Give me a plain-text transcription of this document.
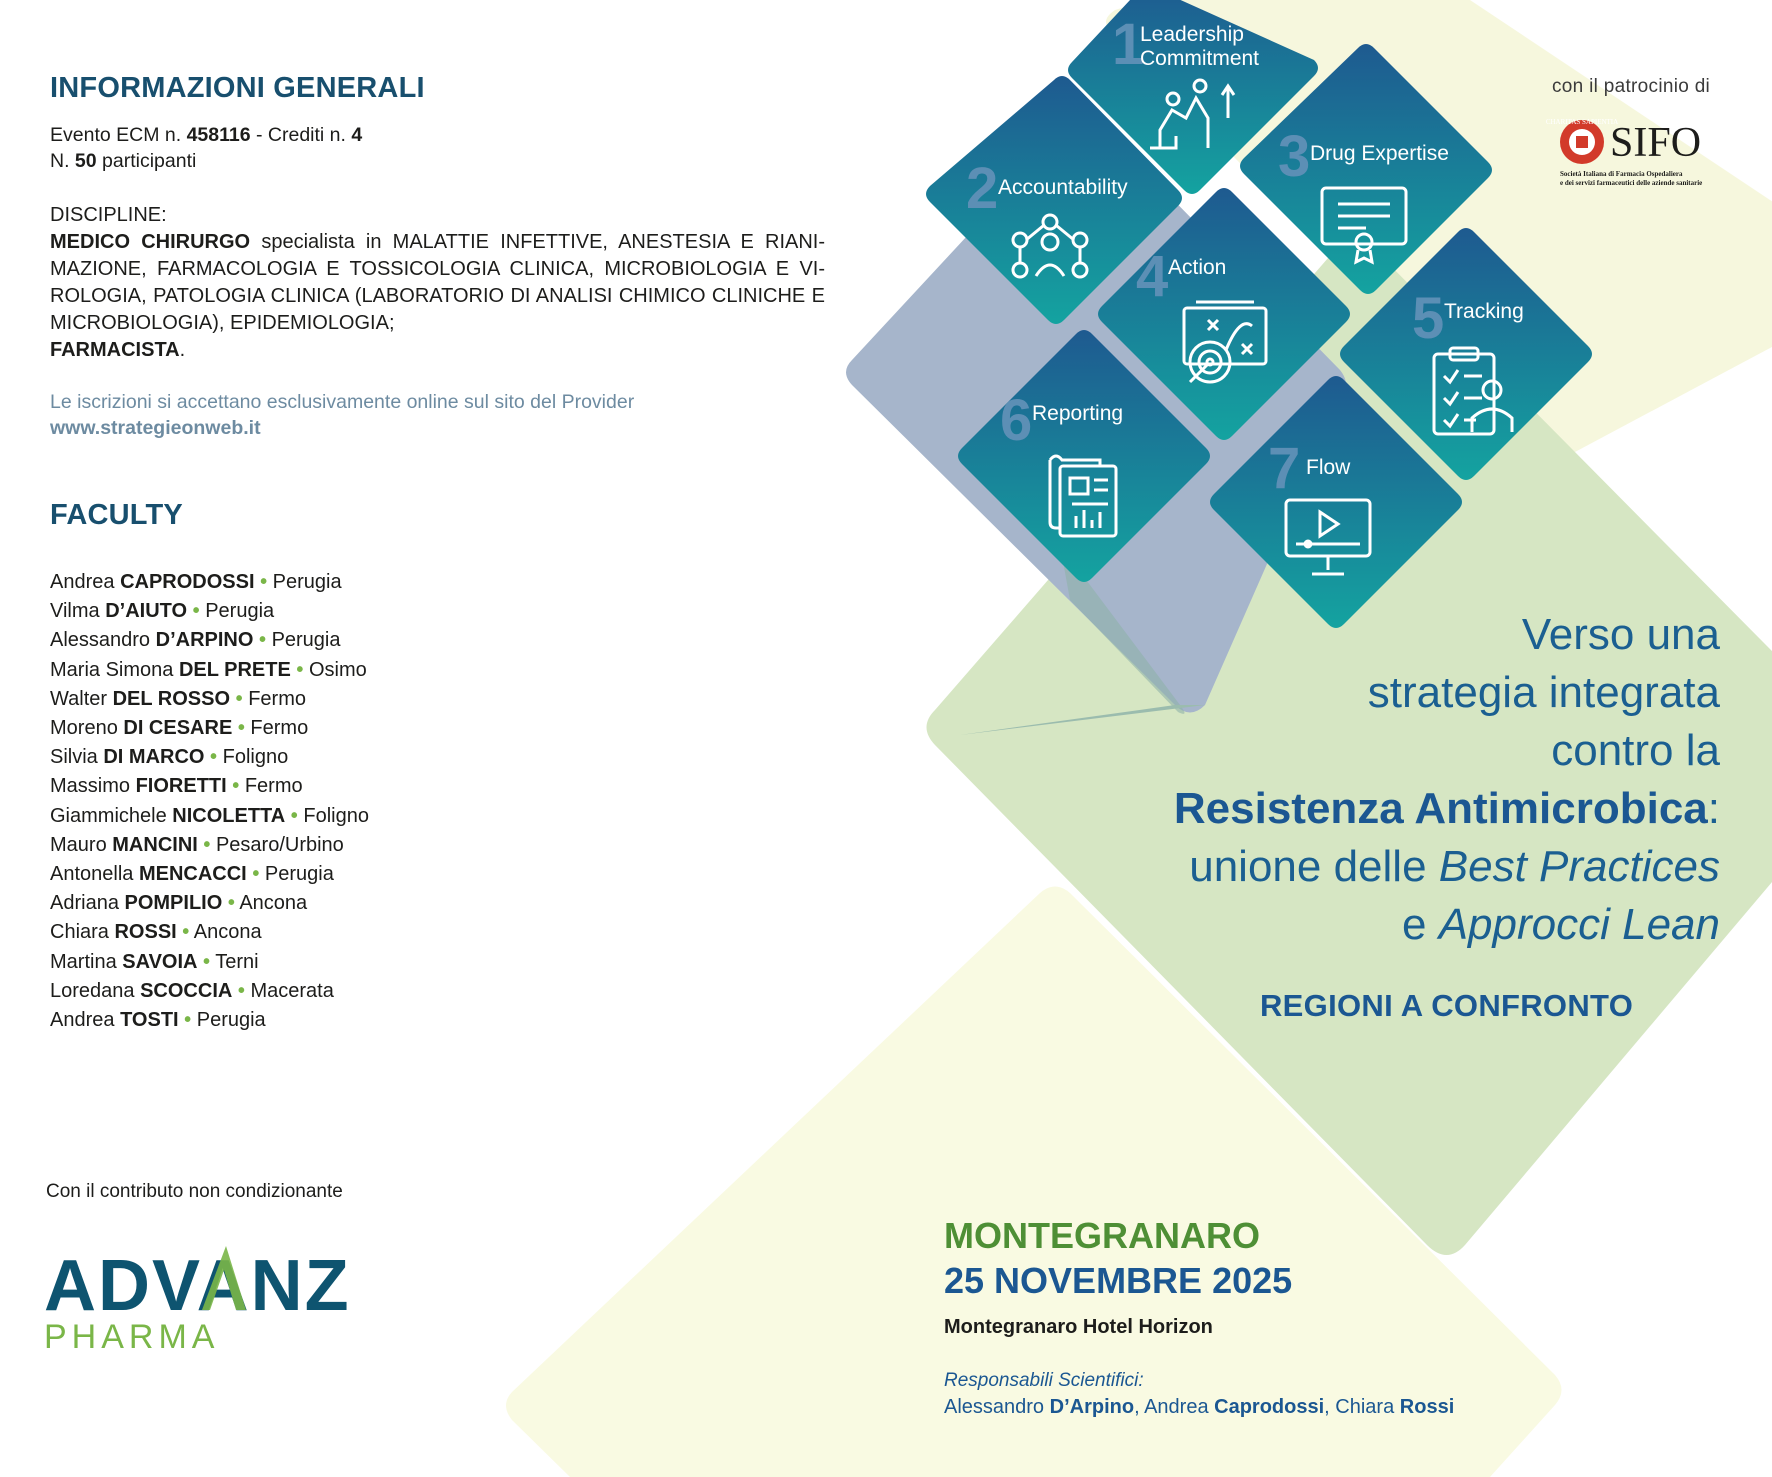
1
Leadership
Commitment
2 Accountability	3 Drug Expertise
4 Action
5 Tracking
6 Reporting
7 Flow
INFORMAZIONI GENERALI
Evento ECM n. 458116 - Crediti n. 4
N. 50 participanti
DISCIPLINE:
MEDICO CHIRURGO specialista in MALATTIE INFETTIVE, ANESTESIA E RIANI-MAZIONE, FARMACOLOGIA E TOSSICOLOGIA CLINICA, MICROBIOLOGIA E VI-ROLOGIA, PATOLOGIA CLINICA (LABORATORIO DI ANALISI CHIMICO CLINICHE E MICROBIOLOGIA), EPIDEMIOLOGIA;
FARMACISTA.
Le iscrizioni si accettano esclusivamente online sul sito del Provider
www.strategieonweb.it
FACULTY
Andrea CAPRODOSSI • Perugia
Vilma D’AIUTO • Perugia
Alessandro D’ARPINO • Perugia
Maria Simona DEL PRETE • Osimo
Walter DEL ROSSO • Fermo
Moreno DI CESARE • Fermo
Silvia DI MARCO • Foligno
Massimo FIORETTI • Fermo
Giammichele NICOLETTA • Foligno
Mauro MANCINI • Pesaro/Urbino
Antonella MENCACCI • Perugia
Adriana POMPILIO • Ancona
Chiara ROSSI • Ancona
Martina SAVOIA • Terni
Loredana SCOCCIA • Macerata
Andrea TOSTI • Perugia
Con il contributo non condizionante
ADVANZ
PHARMA
con il patrocinio di
CHARITAS SAPIENTIA
SIFO
Società Italiana di Farmacia Ospedaliera
e dei servizi farmaceutici delle aziende sanitarie
Verso una
strategia integrata
contro la
Resistenza Antimicrobica:
unione delle Best Practices
e Approcci Lean
REGIONI A CONFRONTO
MONTEGRANARO
25 NOVEMBRE 2025
Montegranaro Hotel Horizon
Responsabili Scientifici:
Alessandro D’Arpino, Andrea Caprodossi, Chiara Rossi
